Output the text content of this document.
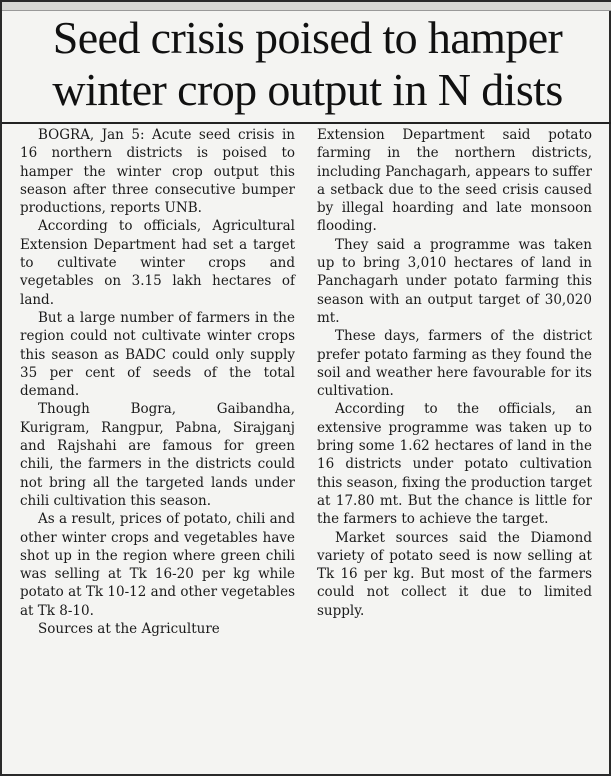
Seed crisis poised to hamper
winter crop output in N dists

BOGRA, Jan 5: Acute seed crisis in 16 northern districts is poised to hamper the winter crop output this season after three consecutive bumper productions, reports UNB.

According to officials, Agricultural Extension Department had set a target to cultivate winter crops and vegetables on 3.15 lakh hectares of land.

But a large number of farmers in the region could not cultivate winter crops this season as BADC could only supply 35 per cent of seeds of the total demand.

Though Bogra, Gaibandha, Kurigram, Rangpur, Pabna, Sirajganj and Rajshahi are famous for green chili, the farmers in the districts could not bring all the targeted lands under chili cultivation this season.

As a result, prices of potato, chili and other winter crops and vegetables have shot up in the region where green chili was selling at Tk 16-20 per kg while potato at Tk 10-12 and other vegetables at Tk 8-10.

Sources at the Agriculture

Extension Department said potato farming in the northern districts, including Panchagarh, appears to suffer a setback due to the seed crisis caused by illegal hoarding and late monsoon flooding.

They said a programme was taken up to bring 3,010 hectares of land in Panchagarh under potato farming this season with an output target of 30,020 mt.

These days, farmers of the district prefer potato farming as they found the soil and weather here favourable for its cultivation.

According to the officials, an extensive programme was taken up to bring some 1.62 hectares of land in the 16 districts under potato cultivation this season, fixing the production target at 17.80 mt. But the chance is little for the farmers to achieve the target.

Market sources said the Diamond variety of potato seed is now selling at Tk 16 per kg. But most of the farmers could not collect it due to limited supply.
